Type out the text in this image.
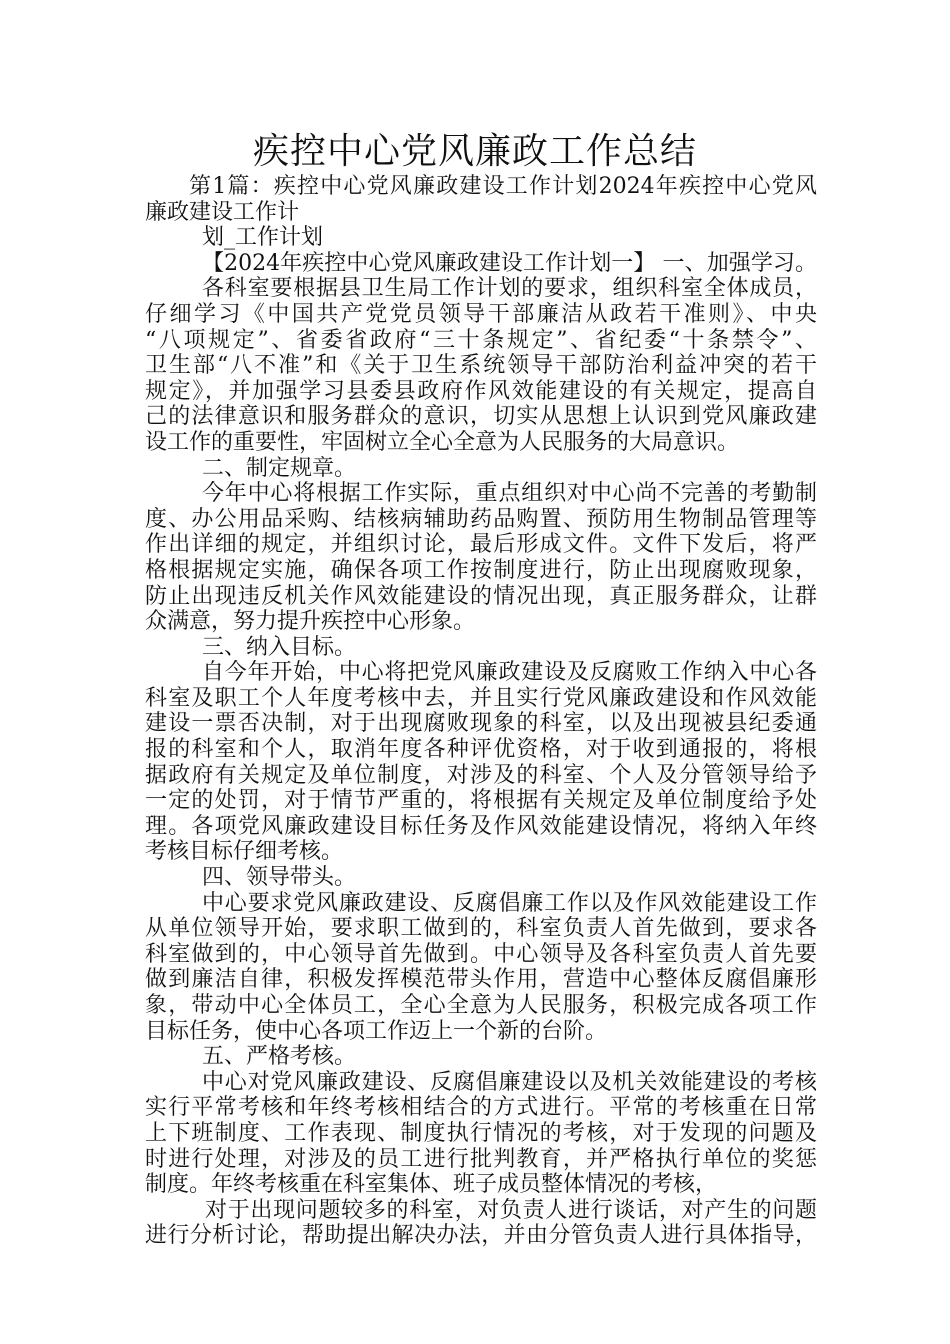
疾控中心党风廉政工作总结
第1篇：疾控中心党风廉政建设工作计划2024年疾控中心党风
廉政建设工作计
划_工作计划
【2024年疾控中心党风廉政建设工作计划一】 一、加强学习。
各科室要根据县卫生局工作计划的要求，组织科室全体成员，
仔细学习《中国共产党党员领导干部廉洁从政若干准则》、中央
“八项规定”、省委省政府“三十条规定”、省纪委“十条禁令”、
卫生部“八不准”和《关于卫生系统领导干部防治利益冲突的若干
规定》，并加强学习县委县政府作风效能建设的有关规定，提高自
己的法律意识和服务群众的意识，切实从思想上认识到党风廉政建
设工作的重要性，牢固树立全心全意为人民服务的大局意识。
二、制定规章。
今年中心将根据工作实际，重点组织对中心尚不完善的考勤制
度、办公用品采购、结核病辅助药品购置、预防用生物制品管理等
作出详细的规定，并组织讨论，最后形成文件。文件下发后，将严
格根据规定实施，确保各项工作按制度进行，防止出现腐败现象，
防止出现违反机关作风效能建设的情况出现，真正服务群众，让群
众满意，努力提升疾控中心形象。
三、纳入目标。
自今年开始，中心将把党风廉政建设及反腐败工作纳入中心各
科室及职工个人年度考核中去，并且实行党风廉政建设和作风效能
建设一票否决制，对于出现腐败现象的科室，以及出现被县纪委通
报的科室和个人，取消年度各种评优资格，对于收到通报的，将根
据政府有关规定及单位制度，对涉及的科室、个人及分管领导给予
一定的处罚，对于情节严重的，将根据有关规定及单位制度给予处
理。各项党风廉政建设目标任务及作风效能建设情况，将纳入年终
考核目标仔细考核。
四、领导带头。
中心要求党风廉政建设、反腐倡廉工作以及作风效能建设工作
从单位领导开始，要求职工做到的，科室负责人首先做到，要求各
科室做到的，中心领导首先做到。中心领导及各科室负责人首先要
做到廉洁自律，积极发挥模范带头作用，营造中心整体反腐倡廉形
象，带动中心全体员工，全心全意为人民服务，积极完成各项工作
目标任务，使中心各项工作迈上一个新的台阶。
五、严格考核。
中心对党风廉政建设、反腐倡廉建设以及机关效能建设的考核
实行平常考核和年终考核相结合的方式进行。平常的考核重在日常
上下班制度、工作表现、制度执行情况的考核，对于发现的问题及
时进行处理，对涉及的员工进行批判教育，并严格执行单位的奖惩
制度。年终考核重在科室集体、班子成员整体情况的考核，
对于出现问题较多的科室，对负责人进行谈话，对产生的问题
进行分析讨论，帮助提出解决办法，并由分管负责人进行具体指导，
